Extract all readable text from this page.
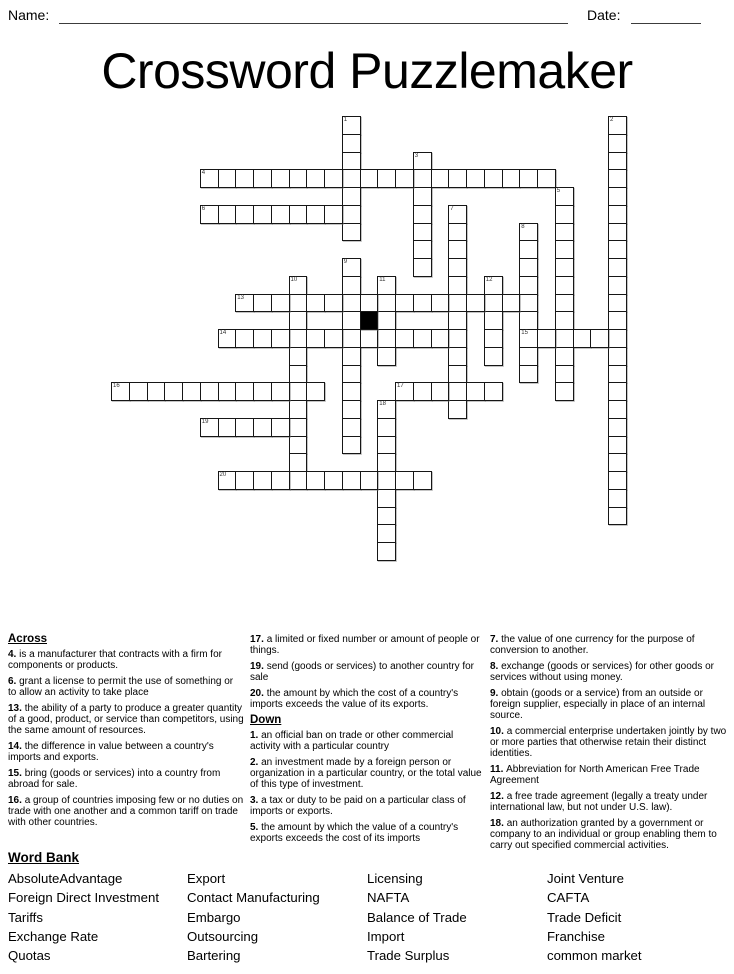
Name:	Date:
Crossword Puzzlemaker
1	2
3
4
5
6	7
8
15
9
10	11	12
13
14
16	17
18
19
20
Across
4. is a manufacturer that contracts with a firm for components or products.
6. grant a license to permit the use of something or to allow an activity to take place
13. the ability of a party to produce a greater quantity of a good, product, or service than competitors, using the same amount of resources.
14. the difference in value between a country's imports and exports.
15. bring (goods or services) into a country from abroad for sale.
16. a group of countries imposing few or no duties on trade with one another and a common tariff on trade with other countries.
17. a limited or fixed number or amount of people or things.
19. send (goods or services) to another country for sale
20. the amount by which the cost of a country's imports exceeds the value of its exports.
Down
1. an official ban on trade or other commercial activity with a particular country
2. an investment made by a foreign person or organization in a particular country, or the total value of this type of investment.
3. a tax or duty to be paid on a particular class of imports or exports.
5. the amount by which the value of a country's exports exceeds the cost of its imports
7. the value of one currency for the purpose of conversion to another.
8. exchange (goods or services) for other goods or services without using money.
9. obtain (goods or a service) from an outside or foreign supplier, especially in place of an internal source.
10. a commercial enterprise undertaken jointly by two or more parties that otherwise retain their distinct identities.
11. Abbreviation for North American Free Trade Agreement
12. a free trade agreement (legally a treaty under international law, but not under U.S. law).
18. an authorization granted by a government or company to an individual or group enabling them to carry out specified commercial activities.
Word Bank
AbsoluteAdvantage
Foreign Direct Investment
Tariffs
Exchange Rate
Quotas
Export
Contact Manufacturing
Embargo
Outsourcing
Bartering
Licensing
NAFTA
Balance of Trade
Import
Trade Surplus
Joint Venture
CAFTA
Trade Deficit
Franchise
common market
